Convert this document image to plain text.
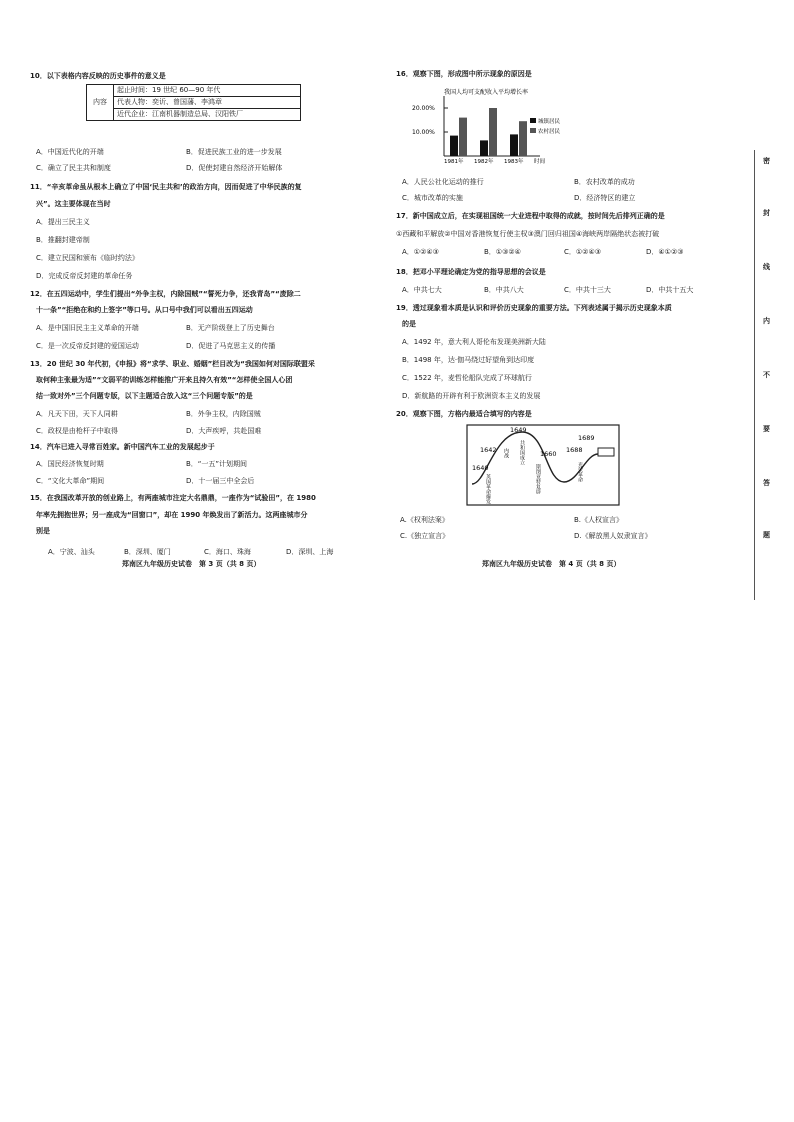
10．以下表格内容反映的历史事件的意义是
内容	起止时间：19 世纪 60—90 年代
代表人物：奕䜣、曾国藩、李鸿章
近代企业：江南机器制造总局、汉阳铁厂
A．中国近代化的开端	B．促进民族工业的进一步发展
C．确立了民主共和制度	D．促使封建自然经济开始解体
11．“辛亥革命虽从根本上确立了中国‘民主共和’的政治方向，因而促进了中华民族的复
兴”。这主要体现在当时
A．提出三民主义
B．推翻封建帝制
C．建立民国和颁布《临时约法》
D．完成反帝反封建的革命任务
12．在五四运动中，学生们提出“外争主权，内除国贼”“誓死力争，还我青岛”“废除二
十一条”“拒绝在和约上签字”等口号。从口号中我们可以看出五四运动
A．是中国旧民主主义革命的开端	B．无产阶级登上了历史舞台
C．是一次反帝反封建的爱国运动	D．促进了马克思主义的传播
13．20 世纪 30 年代初，《申报》将“求学、职业、婚姻”栏目改为“我国如何对国际联盟采
取何种主张最为适”“文弱平的训练怎样能推广开来且持久有效”“怎样使全国人心团
结一致对外”三个问题专版，以下主题适合放入这“三个问题专版”的是
A．凡天下田，天下人同耕	B．外争主权，内除国贼
C．政权是由枪杆子中取得	D．大声疾呼，共赴国难
14．汽车已进入寻常百姓家。新中国汽车工业的发展起步于
A．国民经济恢复时期	B．“一五”计划期间
C．“文化大革命”期间	D．十一届三中全会后
15．在我国改革开放的创业路上，有两座城市注定大名鼎鼎，一座作为“试验田”，在 1980
年率先拥抱世界；另一座成为“回窗口”，却在 1990 年焕发出了新活力。这两座城市分
别是
A．宁波、汕头	B．深圳、厦门	C．海口、珠海	D．深圳、上海
郑南区九年级历史试卷　第 3 页（共 8 页）
16．观察下图，形成图中所示现象的原因是
我国人均可支配收入平均增长率
20.00%
10.00%
1981年 1982年 1983年 时间
城镇居民
农村居民
A．人民公社化运动的推行	B．农村改革的成功
C．城市改革的实施	D．经济特区的建立
17．新中国成立后，在实现祖国统一大业进程中取得的成就，按时间先后排列正确的是
①西藏和平解放②中国对香港恢复行使主权③澳门回归祖国④海峡两岸隔绝状态被打破
A．①②④③	B．①③②④	C．①②④③	D．④①②③
18．把邓小平理论确定为党的指导思想的会议是
A．中共七大	B．中共八大	C．中共十三大	D．中共十五大
19．透过现象看本质是认识和评价历史现象的重要方法。下列表述属于揭示历史现象本质
的是
A．1492 年，意大利人哥伦布发现美洲新大陆
B．1498 年，达·伽马绕过好望角到达印度
C．1522 年，麦哲伦船队完成了环球航行
D．新航路的开辟有利于欧洲资本主义的发展
20．观察下图，方格内最适合填写的内容是
1640
1642
1649
1660 1688
1689
英国革命爆发
内战 共和国成立
斯图亚特复辟	光荣革命
A.《权利法案》	B.《人权宣言》
C.《独立宣言》	D.《解放黑人奴隶宣言》
郑南区九年级历史试卷　第 4 页（共 8 页）
密
封
线
内
不
要
答
题
